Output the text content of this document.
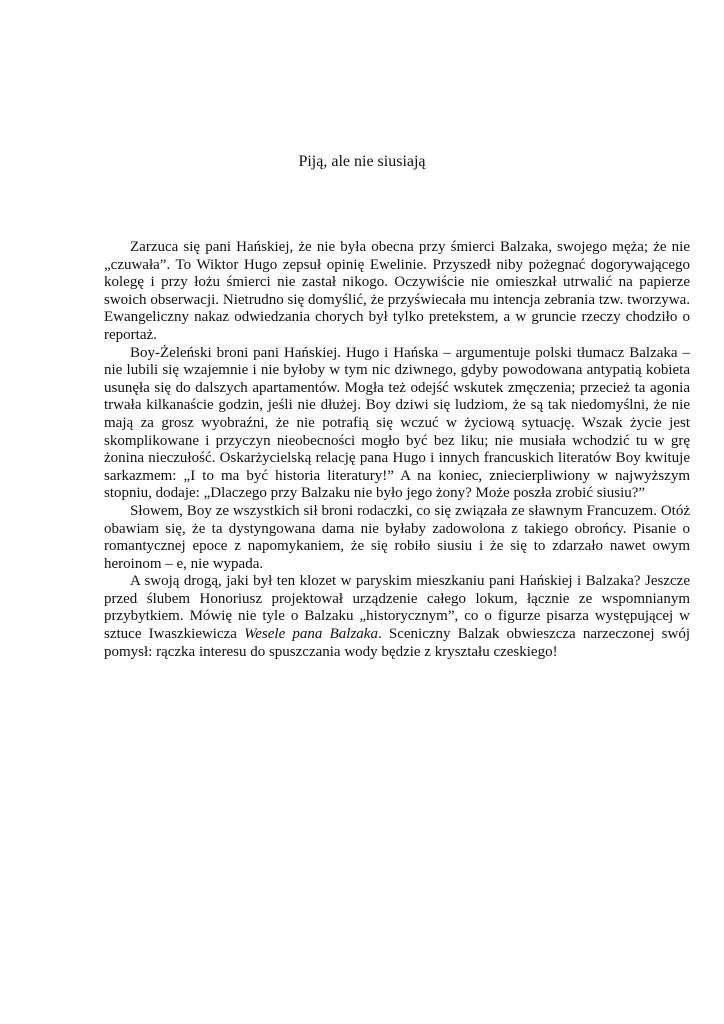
Piją, ale nie siusiają

Zarzuca się pani Hańskiej, że nie była obecna przy śmierci Balzaka, swojego męża; że nie „czuwała”. To Wiktor Hugo zepsuł opinię Ewelinie. Przyszedł niby pożegnać dogorywającego kolegę i przy łożu śmierci nie zastał nikogo. Oczywiście nie omieszkał utrwalić na papierze swoich obserwacji. Nietrudno się domyślić, że przyświecała mu intencja zebrania tzw. tworzywa. Ewangeliczny nakaz odwiedzania chorych był tylko pretekstem, a w gruncie rzeczy chodziło o reportaż.

Boy-Żeleński broni pani Hańskiej. Hugo i Hańska – argumentuje polski tłumacz Balzaka – nie lubili się wzajemnie i nie byłoby w tym nic dziwnego, gdyby powodowana antypatią kobieta usunęła się do dalszych apartamentów. Mogła też odejść wskutek zmęczenia; przecież ta agonia trwała kilkanaście godzin, jeśli nie dłużej. Boy dziwi się ludziom, że są tak niedomyślni, że nie mają za grosz wyobraźni, że nie potrafią się wczuć w życiową sytuację. Wszak życie jest skomplikowane i przyczyn nieobecności mogło być bez liku; nie musiała wchodzić tu w grę żonina nieczułość. Oskarżycielską relację pana Hugo i innych francuskich literatów Boy kwituje sarkazmem: „I to ma być historia literatury!” A na koniec, zniecierpliwiony w najwyższym stopniu, dodaje: „Dlaczego przy Balzaku nie było jego żony? Może poszła zrobić siusiu?”

Słowem, Boy ze wszystkich sił broni rodaczki, co się związała ze sławnym Francuzem. Otóż obawiam się, że ta dystyngowana dama nie byłaby zadowolona z takiego obrońcy. Pisanie o romantycznej epoce z napomykaniem, że się robiło siusiu i że się to zdarzało nawet owym heroinom – e, nie wypada.

A swoją drogą, jaki był ten klozet w paryskim mieszkaniu pani Hańskiej i Balzaka? Jeszcze przed ślubem Honoriusz projektował urządzenie całego lokum, łącznie ze wspomnianym przybytkiem. Mówię nie tyle o Balzaku „historycznym”, co o figurze pisarza występującej w sztuce Iwaszkiewicza Wesele pana Balzaka. Sceniczny Balzak obwieszcza narzeczonej swój pomysł: rączka interesu do spuszczania wody będzie z kryształu czeskiego!
